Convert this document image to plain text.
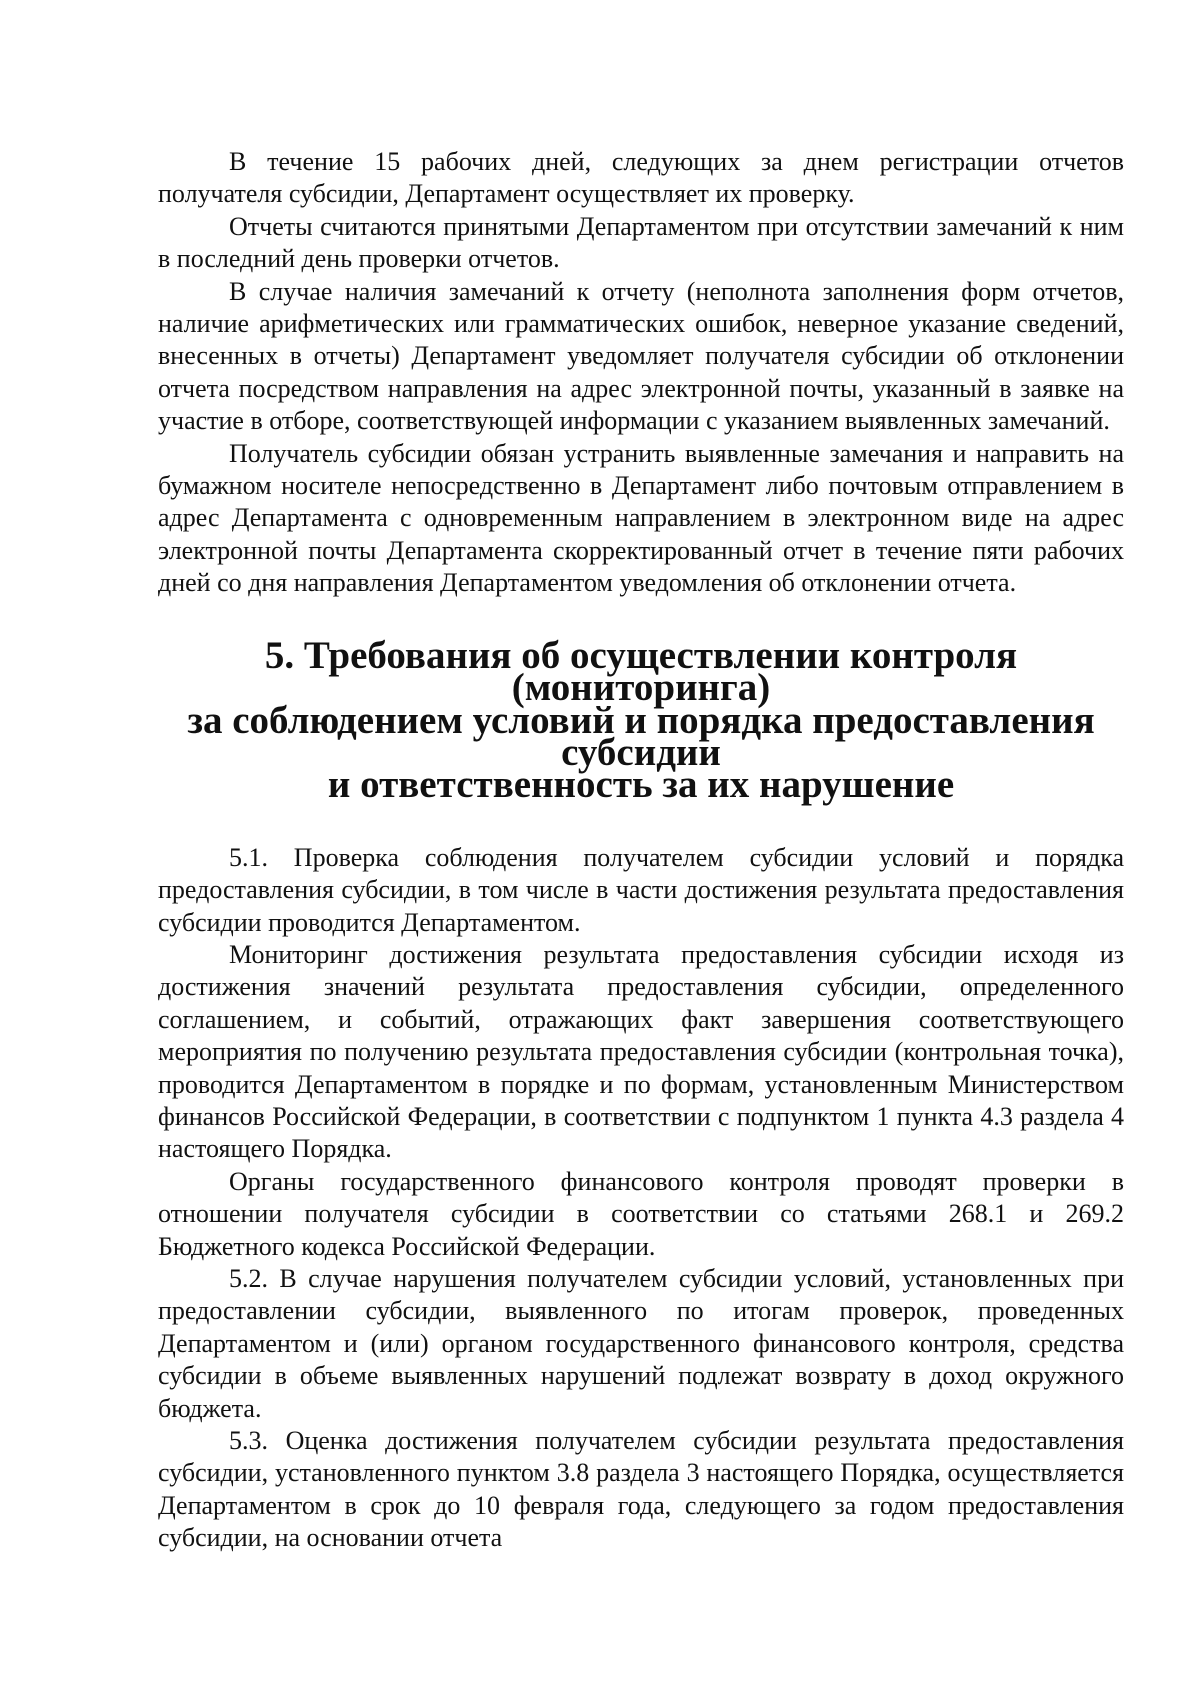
В течение 15 рабочих дней, следующих за днем регистрации отчетов получателя субсидии, Департамент осуществляет их проверку.

Отчеты считаются принятыми Департаментом при отсутствии замечаний к ним в последний день проверки отчетов.

В случае наличия замечаний к отчету (неполнота заполнения форм отчетов, наличие арифметических или грамматических ошибок, неверное указание сведений, внесенных в отчеты) Департамент уведомляет получателя субсидии об отклонении отчета посредством направления на адрес электронной почты, указанный в заявке на участие в отборе, соответствующей информации с указанием выявленных замечаний.

Получатель субсидии обязан устранить выявленные замечания и направить на бумажном носителе непосредственно в Департамент либо почтовым отправлением в адрес Департамента с одновременным направлением в электронном виде на адрес электронной почты Департамента скорректированный отчет в течение пяти рабочих дней со дня направления Департаментом уведомления об отклонении отчета.

5. Требования об осуществлении контроля (мониторинга)
за соблюдением условий и порядка предоставления субсидии
и ответственность за их нарушение

5.1. Проверка соблюдения получателем субсидии условий и порядка предоставления субсидии, в том числе в части достижения результата предоставления субсидии проводится Департаментом.

Мониторинг достижения результата предоставления субсидии исходя из достижения значений результата предоставления субсидии, определенного соглашением, и событий, отражающих факт завершения соответствующего мероприятия по получению результата предоставления субсидии (контрольная точка), проводится Департаментом в порядке и по формам, установленным Министерством финансов Российской Федерации, в соответствии с подпунктом 1 пункта 4.3 раздела 4 настоящего Порядка.

Органы государственного финансового контроля проводят проверки в отношении получателя субсидии в соответствии со статьями 268.1 и 269.2 Бюджетного кодекса Российской Федерации.

5.2. В случае нарушения получателем субсидии условий, установленных при предоставлении субсидии, выявленного по итогам проверок, проведенных Департаментом и (или) органом государственного финансового контроля, средства субсидии в объеме выявленных нарушений подлежат возврату в доход окружного бюджета.

5.3. Оценка достижения получателем субсидии результата предоставления субсидии, установленного пунктом 3.8 раздела 3 настоящего Порядка, осуществляется Департаментом в срок до 10 февраля года, следующего за годом предоставления субсидии, на основании отчета
